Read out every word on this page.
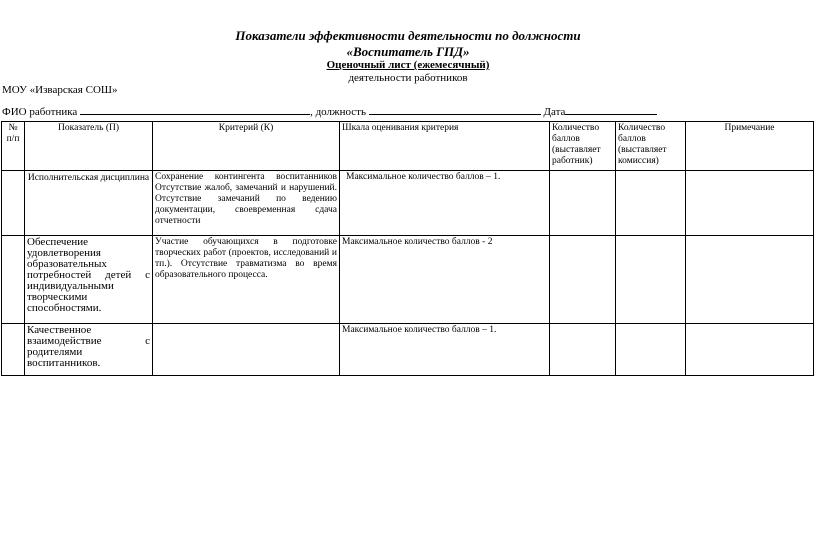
Показатели эффективности деятельности по должности
«Воспитатель ГПД»
Оценочный лист (ежемесячный)
деятельности работников
МОУ «Изварская СОШ»
ФИО работника	, должность	Дата
№ п/п	Показатель (П)	Критерий (К)	Шкала оценивания критерия	Количество баллов (выставляет работник)	Количество баллов (выставляет комиссия)	Примечание
	Исполнительская дисциплина	Сохранение контингента воспитанников Отсутствие жалоб, замечаний и нарушений. Отсутствие замечаний по ведению документации, своевременная сдача отчетности	Максимальное количество баллов – 1.			
	Обеспечение удовлетворения образовательных потребностей детей с индивидуальными творческими способностями.	Участие обучающихся в подготовке творческих работ (проектов, исследований и тп.). Отсутствие травматизма во время образовательного процесса.	Максимальное количество баллов - 2			
	Качественное взаимодействие с родителями воспитанников.		Максимальное количество баллов – 1.			
